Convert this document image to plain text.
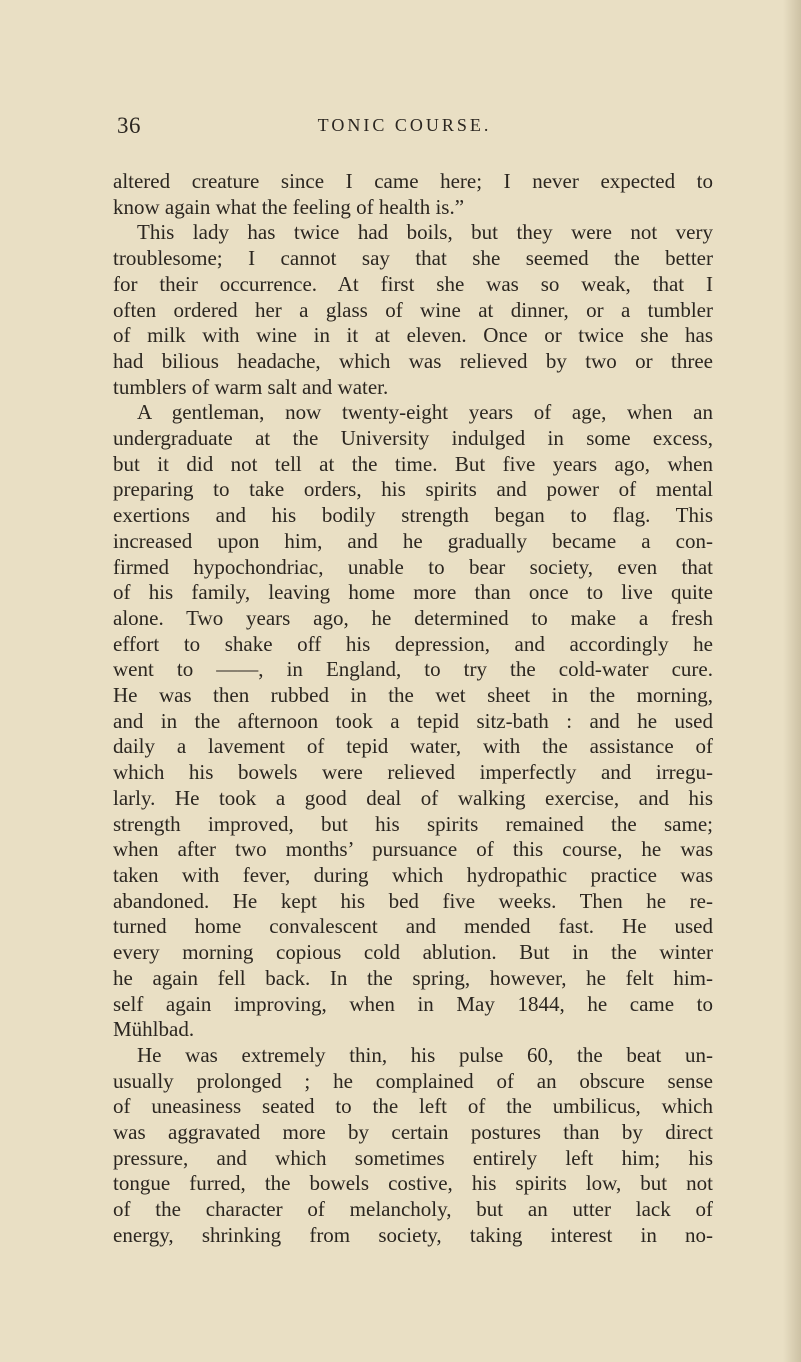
36	TONIC COURSE.
altered creature since I came here; I never expected to
know again what the feeling of health is.”
This lady has twice had boils, but they were not very
troublesome; I cannot say that she seemed the better
for their occurrence. At first she was so weak, that I
often ordered her a glass of wine at dinner, or a tumbler
of milk with wine in it at eleven. Once or twice she has
had bilious headache, which was relieved by two or three
tumblers of warm salt and water.
A gentleman, now twenty-eight years of age, when an
undergraduate at the University indulged in some excess,
but it did not tell at the time. But five years ago, when
preparing to take orders, his spirits and power of mental
exertions and his bodily strength began to flag. This
increased upon him, and he gradually became a con-
firmed hypochondriac, unable to bear society, even that
of his family, leaving home more than once to live quite
alone. Two years ago, he determined to make a fresh
effort to shake off his depression, and accordingly he
went to ——, in England, to try the cold-water cure.
He was then rubbed in the wet sheet in the morning,
and in the afternoon took a tepid sitz-bath : and he used
daily a lavement of tepid water, with the assistance of
which his bowels were relieved imperfectly and irregu-
larly. He took a good deal of walking exercise, and his
strength improved, but his spirits remained the same;
when after two months’ pursuance of this course, he was
taken with fever, during which hydropathic practice was
abandoned. He kept his bed five weeks. Then he re-
turned home convalescent and mended fast. He used
every morning copious cold ablution. But in the winter
he again fell back. In the spring, however, he felt him-
self again improving, when in May 1844, he came to
Mühlbad.
He was extremely thin, his pulse 60, the beat un-
usually prolonged ; he complained of an obscure sense
of uneasiness seated to the left of the umbilicus, which
was aggravated more by certain postures than by direct
pressure, and which sometimes entirely left him; his
tongue furred, the bowels costive, his spirits low, but not
of the character of melancholy, but an utter lack of
energy, shrinking from society, taking interest in no-
